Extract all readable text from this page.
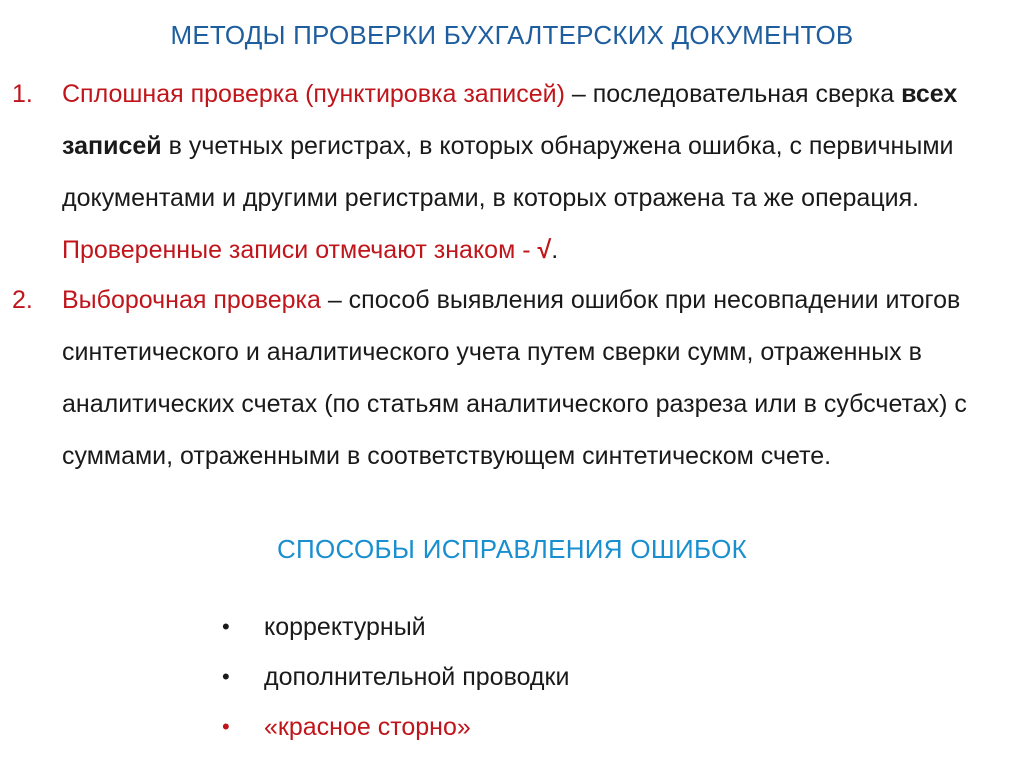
МЕТОДЫ ПРОВЕРКИ БУХГАЛТЕРСКИХ ДОКУМЕНТОВ
1. Сплошная проверка (пунктировка записей) – последовательная сверка всех записей в учетных регистрах, в которых обнаружена ошибка, с первичными документами и другими регистрами, в которых отражена та же операция. Проверенные записи отмечают знаком - √.
2. Выборочная проверка – способ выявления ошибок при несовпадении итогов синтетического и аналитического учета путем сверки сумм, отраженных в аналитических счетах (по статьям аналитического разреза или в субсчетах) с суммами, отраженными в соответствующем синтетическом счете.
СПОСОБЫ ИСПРАВЛЕНИЯ ОШИБОК
•	корректурный
•	дополнительной проводки
•	«красное сторно»
